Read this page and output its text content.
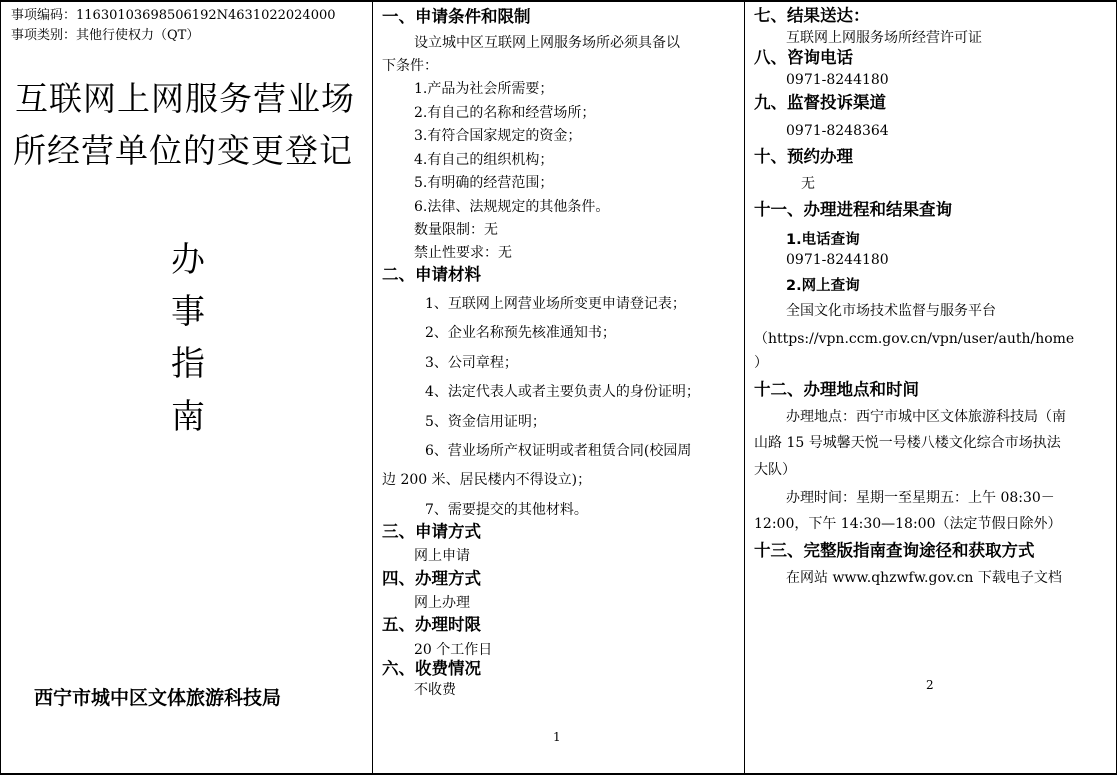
事项编码：11630103698506192N4631022024000
事项类别：其他行使权力（QT）
互联网上网服务营业场
所经营单位的变更登记
办
事
指
南
西宁市城中区文体旅游科技局
一、申请条件和限制
设立城中区互联网上网服务场所必须具备以
下条件：
1.产品为社会所需要；
2.有自己的名称和经营场所；
3.有符合国家规定的资金；
4.有自己的组织机构；
5.有明确的经营范围；
6.法律、法规规定的其他条件。
数量限制：无
禁止性要求：无
二、申请材料
1、互联网上网营业场所变更申请登记表；
2、企业名称预先核准通知书；
3、公司章程；
4、法定代表人或者主要负责人的身份证明；
5、资金信用证明；
6、营业场所产权证明或者租赁合同(校园周
边 200 米、居民楼内不得设立)；
7、需要提交的其他材料。
三、申请方式
网上申请
四、办理方式
网上办理
五、办理时限
20 个工作日
六、收费情况
不收费
1
七、结果送达：
互联网上网服务场所经营许可证
八、咨询电话
0971-8244180
九、监督投诉渠道
0971-8248364
十、预约办理
无
十一、办理进程和结果查询
1.电话查询
0971-8244180
2.网上查询
全国文化市场技术监督与服务平台
（https://vpn.ccm.gov.cn/vpn/user/auth/home
）
十二、办理地点和时间
办理地点：西宁市城中区文体旅游科技局（南
山路 15 号城馨天悦一号楼八楼文化综合市场执法
大队）
办理时间：星期一至星期五：上午 08:30－
12:00，下午 14:30—18:00（法定节假日除外）
十三、完整版指南查询途径和获取方式
在网站 www.qhzwfw.gov.cn 下载电子文档
2
